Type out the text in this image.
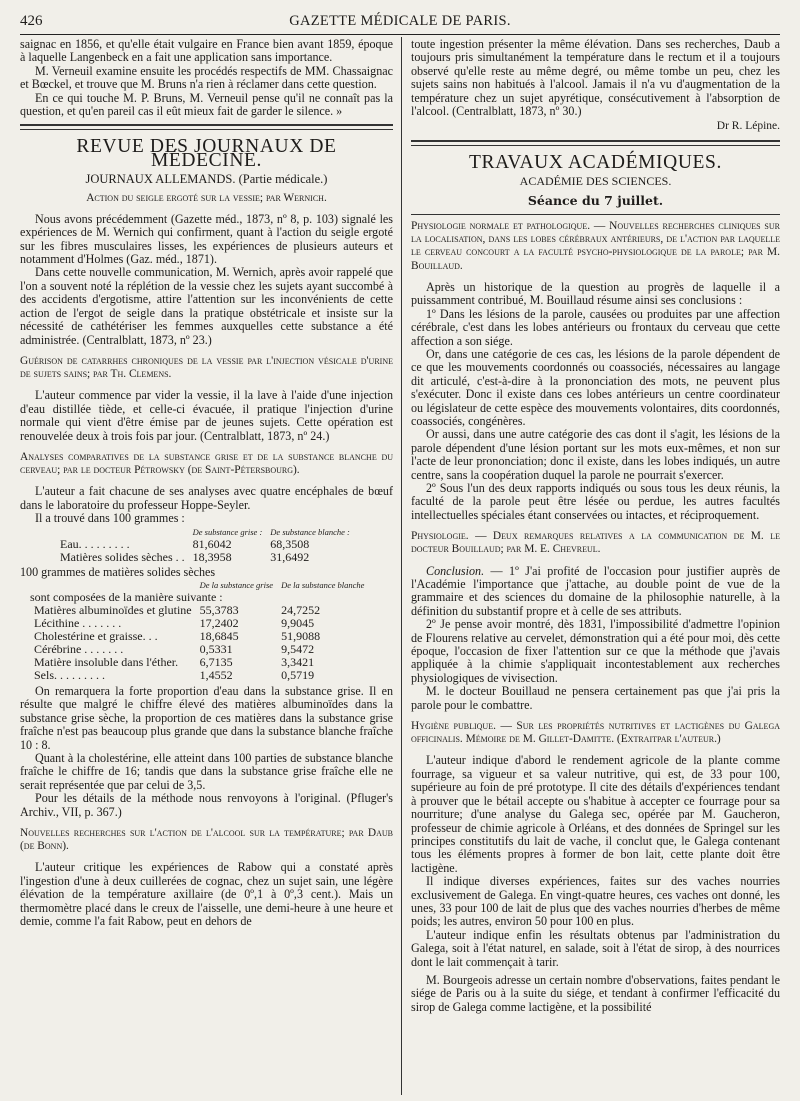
426	GAZETTE MÉDICALE DE PARIS.

saignac en 1856, et qu'elle était vulgaire en France bien avant 1859, époque à laquelle Langenbeck en a fait une application sans importance.

M. Verneuil examine ensuite les procédés respectifs de MM. Chassaignac et Bœckel, et trouve que M. Bruns n'a rien à réclamer dans cette question.

En ce qui touche M. P. Bruns, M. Verneuil pense qu'il ne connaît pas la question, et qu'en pareil cas il eût mieux fait de garder le silence. »

REVUE DES JOURNAUX DE MÉDECINE.
JOURNAUX ALLEMANDS. (Partie médicale.)
Action du seigle ergoté sur la vessie; par Wernich.

Nous avons précédemment (Gazette méd., 1873, nº 8, p. 103) signalé les expériences de M. Wernich qui confirment, quant à l'action du seigle ergoté sur les fibres musculaires lisses, les expériences de plusieurs auteurs et notamment d'Holmes (Gaz. méd., 1871).

Dans cette nouvelle communication, M. Wernich, après avoir rappelé que l'on a souvent noté la réplétion de la vessie chez les sujets ayant succombé à des accidents d'ergotisme, attire l'attention sur les inconvénients de cette action de l'ergot de seigle dans la pratique obstétricale et insiste sur la nécessité de cathétériser les femmes auxquelles cette substance a été administrée. (Centralblatt, 1873, nº 23.)

Guérison de catarrhes chroniques de la vessie par l'injection vésicale d'urine de sujets sains; par Th. Clemens.

L'auteur commence par vider la vessie, il la lave à l'aide d'une injection d'eau distillée tiède, et celle-ci évacuée, il pratique l'injection d'urine normale qui vient d'être émise par de jeunes sujets. Cette opération est renouvelée deux à trois fois par jour. (Centralblatt, 1873, nº 24.)

Analyses comparatives de la substance grise et de la substance blanche du cerveau; par le docteur Pétrowsky (de Saint-Pétersbourg).

L'auteur a fait chacune de ses analyses avec quatre encéphales de bœuf dans le laboratoire du professeur Hoppe-Seyler.

Il a trouvé dans 100 grammes :

	De substance grise :	De substance blanche :
Eau. . . . . . . . .	81,6042	68,3508
Matières solides sèches . .	18,3958	31,6492

100 grammes de matières solides sèches

	De la substance grise	De la substance blanche
sont composées de la manière suivante :		
Matières albuminoïdes et glutine	55,3783	24,7252
Lécithine . . . . . . .	17,2402	9,9045
Cholestérine et graisse. . .	18,6845	51,9088
Cérébrine . . . . . . .	0,5331	9,5472
Matière insoluble dans l'éther.	6,7135	3,3421
Sels. . . . . . . . .	1,4552	0,5719

On remarquera la forte proportion d'eau dans la substance grise. Il en résulte que malgré le chiffre élevé des matières albuminoïdes dans la substance grise sèche, la proportion de ces matières dans la substance grise fraîche n'est pas beaucoup plus grande que dans la substance blanche fraîche 10 : 8.

Quant à la cholestérine, elle atteint dans 100 parties de substance blanche fraîche le chiffre de 16; tandis que dans la substance grise fraîche elle ne serait représentée que par celui de 3,5.

Pour les détails de la méthode nous renvoyons à l'original. (Pfluger's Archiv., VII, p. 367.)

Nouvelles recherches sur l'action de l'alcool sur la température; par Daub (de Bonn).

L'auteur critique les expériences de Rabow qui a constaté après l'ingestion d'une à deux cuillerées de cognac, chez un sujet sain, une légère élévation de la température axillaire (de 0º,1 à 0º,3 cent.). Mais un thermomètre placé dans le creux de l'aisselle, une demi-heure à une heure et demie, comme l'a fait Rabow, peut en dehors de

toute ingestion présenter la même élévation. Dans ses recherches, Daub a toujours pris simultanément la température dans le rectum et il a toujours observé qu'elle reste au même degré, ou même tombe un peu, chez les sujets sains non habitués à l'alcool. Jamais il n'a vu d'augmentation de la température chez un sujet apyrétique, consécutivement à l'absorption de l'alcool. (Centralblatt, 1873, nº 30.)

Dr R. Lépine.
TRAVAUX ACADÉMIQUES.
ACADÉMIE DES SCIENCES.
Séance du 7 juillet.
Physiologie normale et pathologique. — Nouvelles recherches cliniques sur la localisation, dans les lobes cérébraux antérieurs, de l'action par laquelle le cerveau concourt a la faculté psycho-physiologique de la parole; par M. Bouillaud.

Après un historique de la question au progrès de laquelle il a puissamment contribué, M. Bouillaud résume ainsi ses conclusions :

1º Dans les lésions de la parole, causées ou produites par une affection cérébrale, c'est dans les lobes antérieurs ou frontaux du cerveau que cette affection a son siége.

Or, dans une catégorie de ces cas, les lésions de la parole dépendent de ce que les mouvements coordonnés ou coassociés, nécessaires au langage dit articulé, c'est-à-dire à la prononciation des mots, ne peuvent plus s'exécuter. Donc il existe dans ces lobes antérieurs un centre coordinateur ou législateur de cette espèce des mouvements volontaires, dits coordonnés, coassociés, congénères.

Or aussi, dans une autre catégorie des cas dont il s'agit, les lésions de la parole dépendent d'une lésion portant sur les mots eux-mêmes, et non sur l'acte de leur prononciation; donc il existe, dans les lobes indiqués, un autre centre, sans la coopération duquel la parole ne pourrait s'exercer.

2º Sous l'un des deux rapports indiqués ou sous tous les deux réunis, la faculté de la parole peut être lésée ou perdue, les autres facultés intellectuelles spéciales étant conservées ou intactes, et réciproquement.

Physiologie. — Deux remarques relatives a la communication de M. le docteur Bouillaud; par M. E. Chevreul.

Conclusion. — 1º J'ai profité de l'occasion pour justifier auprès de l'Académie l'importance que j'attache, au double point de vue de la grammaire et des sciences du domaine de la philosophie naturelle, à la définition du substantif propre et à celle de ses attributs.

2º Je pense avoir montré, dès 1831, l'impossibilité d'admettre l'opinion de Flourens relative au cervelet, démonstration qui a été pour moi, dès cette époque, l'occasion de fixer l'attention sur ce que la méthode que j'avais appliquée à la chimie s'appliquait incontestablement aux recherches physiologiques de vivisection.

M. le docteur Bouillaud ne pensera certainement pas que j'ai pris la parole pour le combattre.

Hygiène publique. — Sur les propriétés nutritives et lactigènes du Galega officinalis. Mémoire de M. Gillet-Damitte. (Extraitpar l'auteur.)

L'auteur indique d'abord le rendement agricole de la plante comme fourrage, sa vigueur et sa valeur nutritive, qui est, de 33 pour 100, supérieure au foin de pré prototype. Il cite des détails d'expériences tendant à prouver que le bétail accepte ou s'habitue à accepter ce fourrage pour sa nourriture; d'une analyse du Galega sec, opérée par M. Gaucheron, professeur de chimie agricole à Orléans, et des données de Springel sur les principes constitutifs du lait de vache, il conclut que, le Galega contenant tous les éléments propres à former de bon lait, cette plante doit être lactigène.

Il indique diverses expériences, faites sur des vaches nourries exclusivement de Galega. En vingt-quatre heures, ces vaches ont donné, les unes, 33 pour 100 de lait de plus que des vaches nourries d'herbes de même poids; les autres, environ 50 pour 100 en plus.

L'auteur indique enfin les résultats obtenus par l'administration du Galega, soit à l'état naturel, en salade, soit à l'état de sirop, à des nourrices dont le lait commençait à tarir.

M. Bourgeois adresse un certain nombre d'observations, faites pendant le siége de Paris ou à la suite du siége, et tendant à confirmer l'efficacité du sirop de Galega comme lactigène, et la possibilité
